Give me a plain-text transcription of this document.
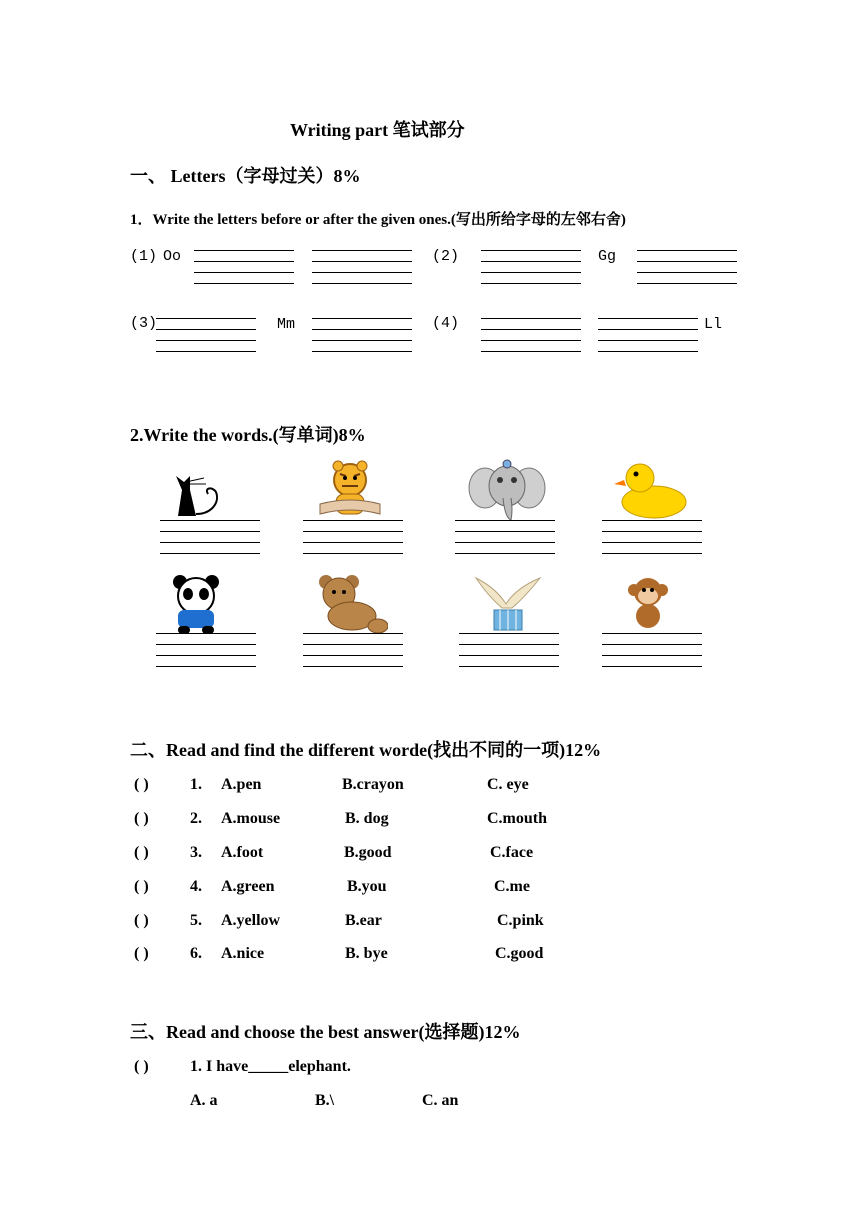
Writing part 笔试部分
一、 Letters（字母过关）8%
1．Write the letters before or after the given ones.(写出所给字母的左邻右舍)
(1) Oo	(2)	Gg
(3)	Mm	(4)	Ll
2.Write the words.(写单词)8%
二、Read and find the different worde(找出不同的一项)12%
( )	1. A.pen	B.crayon	C. eye
( )	2. A.mouse	B. dog	C.mouth
( )	3. A.foot	B.good	C.face
( )	4. A.green	B.you	C.me
( )	5. A.yellow	B.ear	C.pink
( )	6. A.nice	B. bye	C.good
三、Read and choose the best answer(选择题)12%
( )	1. I have_____elephant.
A. a	B.\	C. an
